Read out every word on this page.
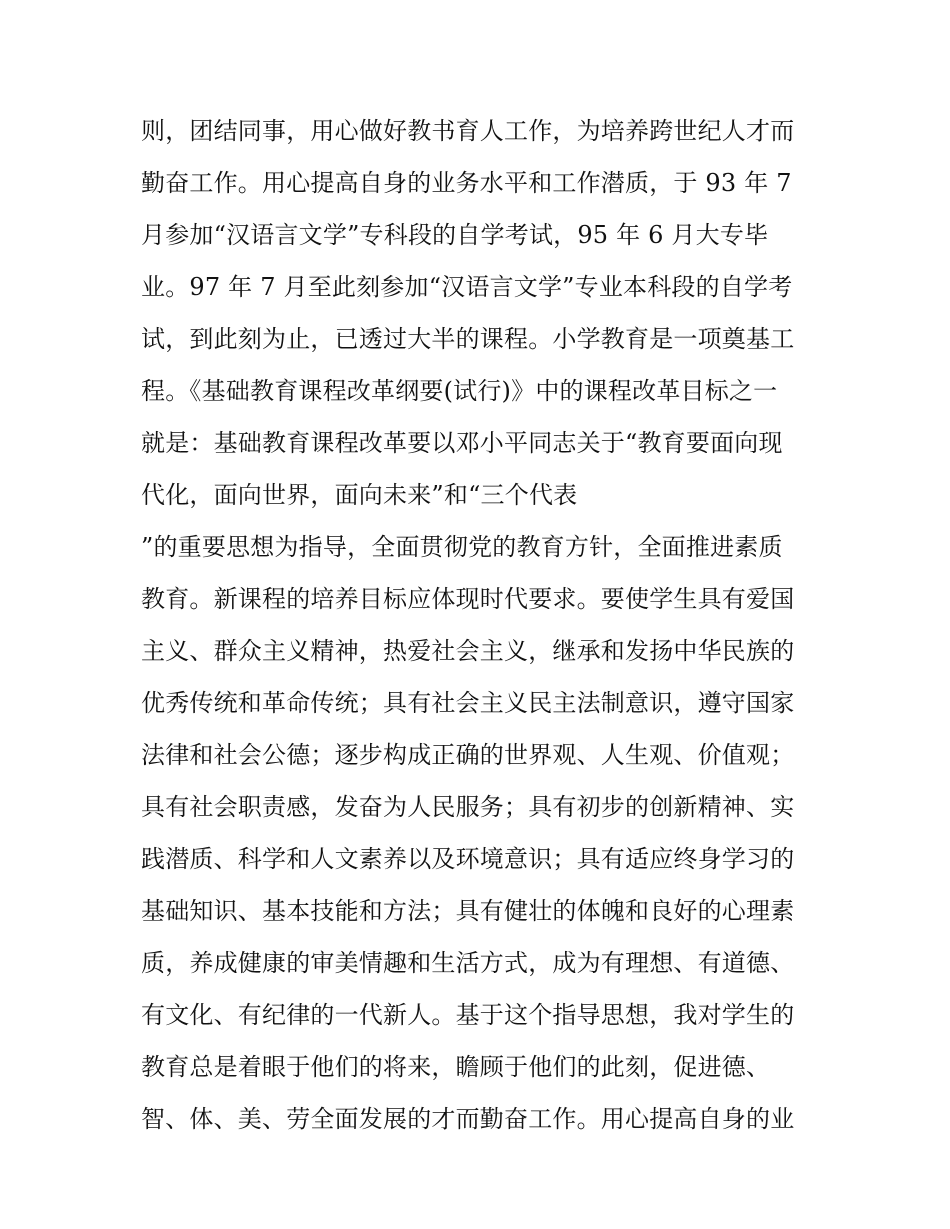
则，团结同事，用心做好教书育人工作，为培养跨世纪人才而
勤奋工作。用心提高自身的业务水平和工作潜质，于 93 年 7
月参加“汉语言文学”专科段的自学考试，95 年 6 月大专毕
业。97 年 7 月至此刻参加“汉语言文学”专业本科段的自学考
试，到此刻为止，已透过大半的课程。小学教育是一项奠基工
程。《基础教育课程改革纲要(试行)》中的课程改革目标之一
就是：基础教育课程改革要以邓小平同志关于“教育要面向现
代化，面向世界，面向未来”和“三个代表
”的重要思想为指导，全面贯彻党的教育方针，全面推进素质
教育。新课程的培养目标应体现时代要求。要使学生具有爱国
主义、群众主义精神，热爱社会主义，继承和发扬中华民族的
优秀传统和革命传统；具有社会主义民主法制意识，遵守国家
法律和社会公德；逐步构成正确的世界观、人生观、价值观；
具有社会职责感，发奋为人民服务；具有初步的创新精神、实
践潜质、科学和人文素养以及环境意识；具有适应终身学习的
基础知识、基本技能和方法；具有健壮的体魄和良好的心理素
质，养成健康的审美情趣和生活方式，成为有理想、有道德、
有文化、有纪律的一代新人。基于这个指导思想，我对学生的
教育总是着眼于他们的将来，瞻顾于他们的此刻，促进德、
智、体、美、劳全面发展的才而勤奋工作。用心提高自身的业
